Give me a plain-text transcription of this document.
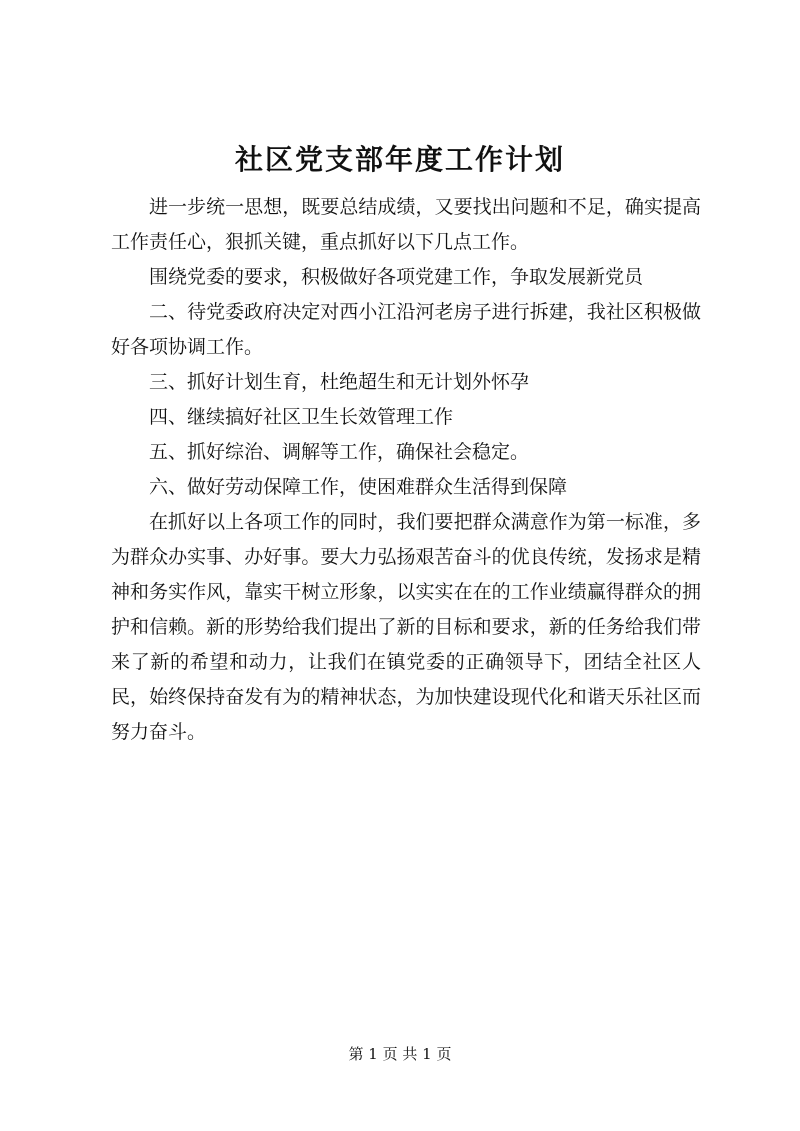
社区党支部年度工作计划

进一步统一思想，既要总结成绩，又要找出问题和不足，确实提高工作责任心，狠抓关键，重点抓好以下几点工作。

围绕党委的要求，积极做好各项党建工作，争取发展新党员

二、待党委政府决定对西小江沿河老房子进行拆建，我社区积极做好各项协调工作。

三、抓好计划生育，杜绝超生和无计划外怀孕

四、继续搞好社区卫生长效管理工作

五、抓好综治、调解等工作，确保社会稳定。

六、做好劳动保障工作，使困难群众生活得到保障

在抓好以上各项工作的同时，我们要把群众满意作为第一标准，多为群众办实事、办好事。要大力弘扬艰苦奋斗的优良传统，发扬求是精神和务实作风，靠实干树立形象，以实实在在的工作业绩赢得群众的拥护和信赖。新的形势给我们提出了新的目标和要求，新的任务给我们带来了新的希望和动力，让我们在镇党委的正确领导下，团结全社区人民，始终保持奋发有为的精神状态，为加快建设现代化和谐天乐社区而努力奋斗。

第 1 页 共 1 页
